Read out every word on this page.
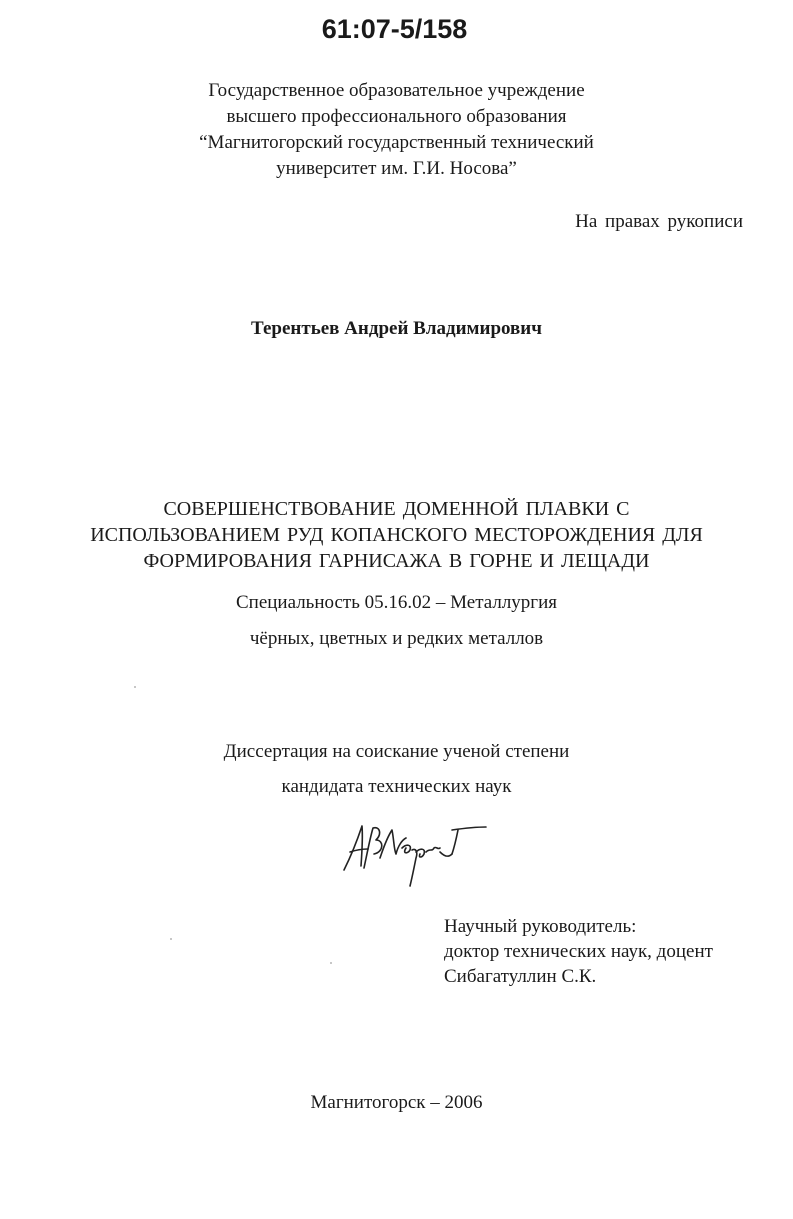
61:07-5/158
Государственное образовательное учреждение
высшего профессионального образования
“Магнитогорский государственный технический
университет им. Г.И. Носова”
На правах рукописи
Терентьев Андрей Владимирович
СОВЕРШЕНСТВОВАНИЕ ДОМЕННОЙ ПЛАВКИ С
ИСПОЛЬЗОВАНИЕМ РУД КОПАНСКОГО МЕСТОРОЖДЕНИЯ ДЛЯ
ФОРМИРОВАНИЯ ГАРНИСАЖА В ГОРНЕ И ЛЕЩАДИ
Специальность 05.16.02 – Металлургия
чёрных, цветных и редких металлов
Диссертация на соискание ученой степени
кандидата технических наук
Научный руководитель:
доктор технических наук, доцент
Сибагатуллин С.К.
Магнитогорск – 2006
